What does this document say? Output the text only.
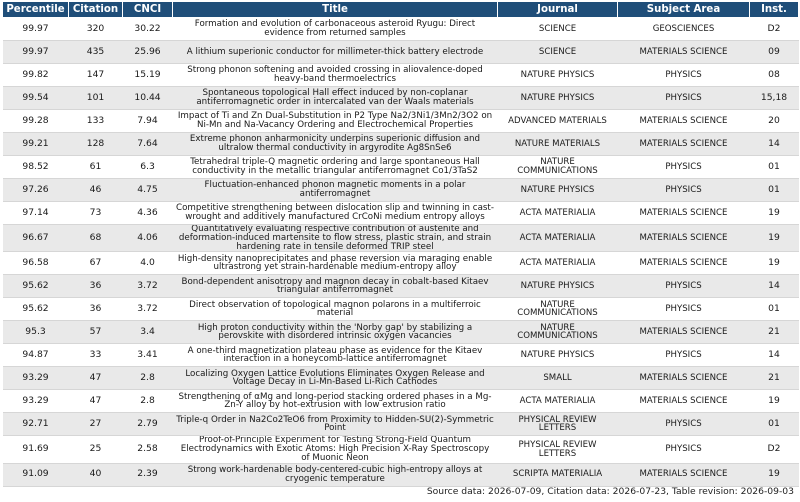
Percentile	Citation	CNCI	Title	Journal	Subject Area	Inst.
99.97	320	30.22	Formation and evolution of carbonaceous asteroid Ryugu: Direct evidence from returned samples	SCIENCE	GEOSCIENCES	D2
99.97	435	25.96	A lithium superionic conductor for millimeter-thick battery electrode	SCIENCE	MATERIALS SCIENCE	09
99.82	147	15.19	Strong phonon softening and avoided crossing in aliovalence-doped heavy-band thermoelectrics	NATURE PHYSICS	PHYSICS	08
99.54	101	10.44	Spontaneous topological Hall effect induced by non-coplanar antiferromagnetic order in intercalated van der Waals materials	NATURE PHYSICS	PHYSICS	15,18
99.28	133	7.94	Impact of Ti and Zn Dual-Substitution in P2 Type Na2/3Ni1/3Mn2/3O2 on Ni-Mn and Na-Vacancy Ordering and Electrochemical Properties	ADVANCED MATERIALS	MATERIALS SCIENCE	20
99.21	128	7.64	Extreme phonon anharmonicity underpins superionic diffusion and ultralow thermal conductivity in argyrodite Ag8SnSe6	NATURE MATERIALS	MATERIALS SCIENCE	14
98.52	61	6.3	Tetrahedral triple-Q magnetic ordering and large spontaneous Hall conductivity in the metallic triangular antiferromagnet Co1/3TaS2	NATURE COMMUNICATIONS	PHYSICS	01
97.26	46	4.75	Fluctuation-enhanced phonon magnetic moments in a polar antiferromagnet	NATURE PHYSICS	PHYSICS	01
97.14	73	4.36	Competitive strengthening between dislocation slip and twinning in cast-wrought and additively manufactured CrCoNi medium entropy alloys	ACTA MATERIALIA	MATERIALS SCIENCE	19
96.67	68	4.06	Quantitatively evaluating respective contribution of austenite and deformation-induced martensite to flow stress, plastic strain, and strain hardening rate in tensile deformed TRIP steel	ACTA MATERIALIA	MATERIALS SCIENCE	19
96.58	67	4.0	High-density nanoprecipitates and phase reversion via maraging enable ultrastrong yet strain-hardenable medium-entropy alloy	ACTA MATERIALIA	MATERIALS SCIENCE	19
95.62	36	3.72	Bond-dependent anisotropy and magnon decay in cobalt-based Kitaev triangular antiferromagnet	NATURE PHYSICS	PHYSICS	14
95.62	36	3.72	Direct observation of topological magnon polarons in a multiferroic material	NATURE COMMUNICATIONS	PHYSICS	01
95.3	57	3.4	High proton conductivity within the 'Norby gap' by stabilizing a perovskite with disordered intrinsic oxygen vacancies	NATURE COMMUNICATIONS	MATERIALS SCIENCE	21
94.87	33	3.41	A one-third magnetization plateau phase as evidence for the Kitaev interaction in a honeycomb-lattice antiferromagnet	NATURE PHYSICS	PHYSICS	14
93.29	47	2.8	Localizing Oxygen Lattice Evolutions Eliminates Oxygen Release and Voltage Decay in Li-Mn-Based Li-Rich Cathodes	SMALL	MATERIALS SCIENCE	21
93.29	47	2.8	Strengthening of αMg and long-period stacking ordered phases in a Mg-Zn-Y alloy by hot-extrusion with low extrusion ratio	ACTA MATERIALIA	MATERIALS SCIENCE	19
92.71	27	2.79	Triple-q Order in Na2Co2TeO6 from Proximity to Hidden-SU(2)-Symmetric Point	PHYSICAL REVIEW LETTERS	PHYSICS	01
91.69	25	2.58	Proof-of-Principle Experiment for Testing Strong-Field Quantum Electrodynamics with Exotic Atoms: High Precision X-Ray Spectroscopy of Muonic Neon	PHYSICAL REVIEW LETTERS	PHYSICS	D2
91.09	40	2.39	Strong work-hardenable body-centered-cubic high-entropy alloys at cryogenic temperature	SCRIPTA MATERIALIA	MATERIALS SCIENCE	19
Source data: 2026-07-09, Citation data: 2026-07-23, Table revision: 2026-09-03
